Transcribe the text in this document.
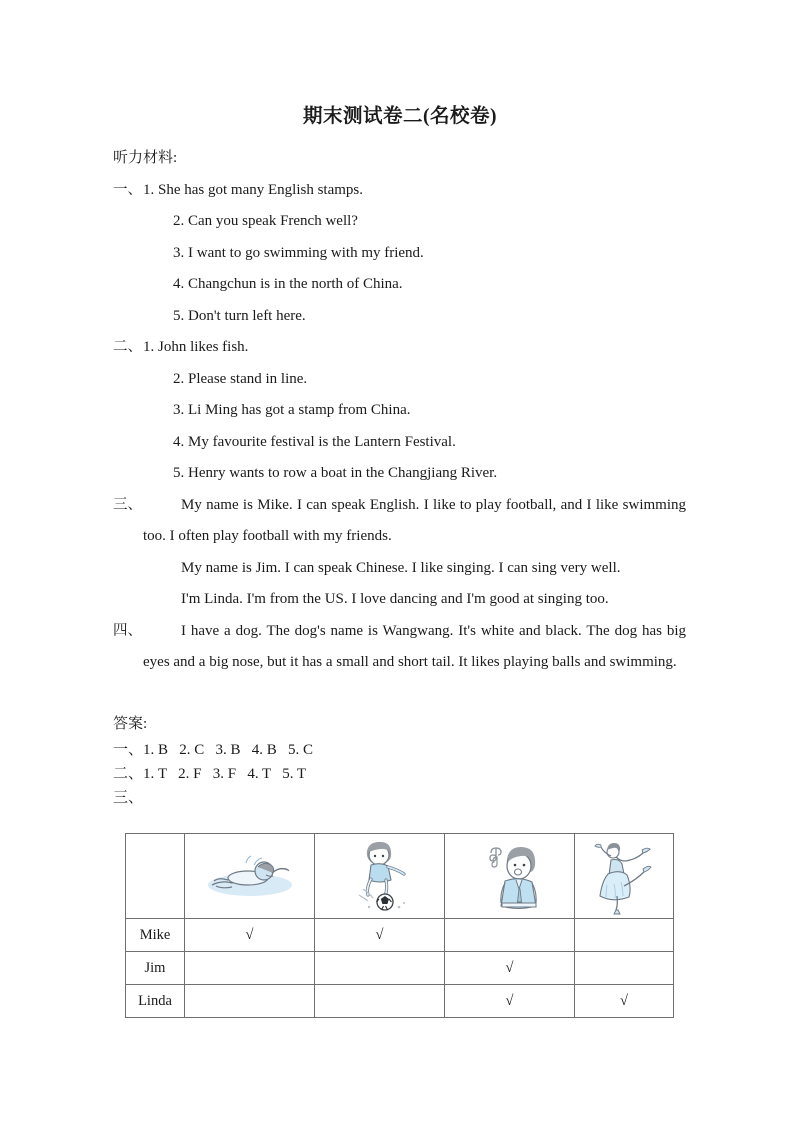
期末测试卷二(名校卷)

听力材料:

一、 1. She has got many English stamps.

2. Can you speak French well?

3. I want to go swimming with my friend.

4. Changchun is in the north of China.

5. Don't turn left here.

二、 1. John likes fish.

2. Please stand in line.

3. Li Ming has got a stamp from China.

4. My favourite festival is the Lantern Festival.

5. Henry wants to row a boat in the Changjiang River.

三、	My name is Mike. I can speak English. I like to play football, and I like swimming too. I often play football with my friends.

My name is Jim. I can speak Chinese. I like singing. I can sing very well.

I'm Linda. I'm from the US. I love dancing and I'm good at singing too.

四、	I have a dog. The dog's name is Wangwang. It's white and black. The dog has big eyes and a big nose, but it has a small and short tail. It likes playing balls and swimming.

答案:

一、1. B   2. C   3. B   4. B   5. C

二、1. T   2. F   3. F   4. T   5. T

三、

Mike	√	√		
Jim			√	
Linda			√	√
